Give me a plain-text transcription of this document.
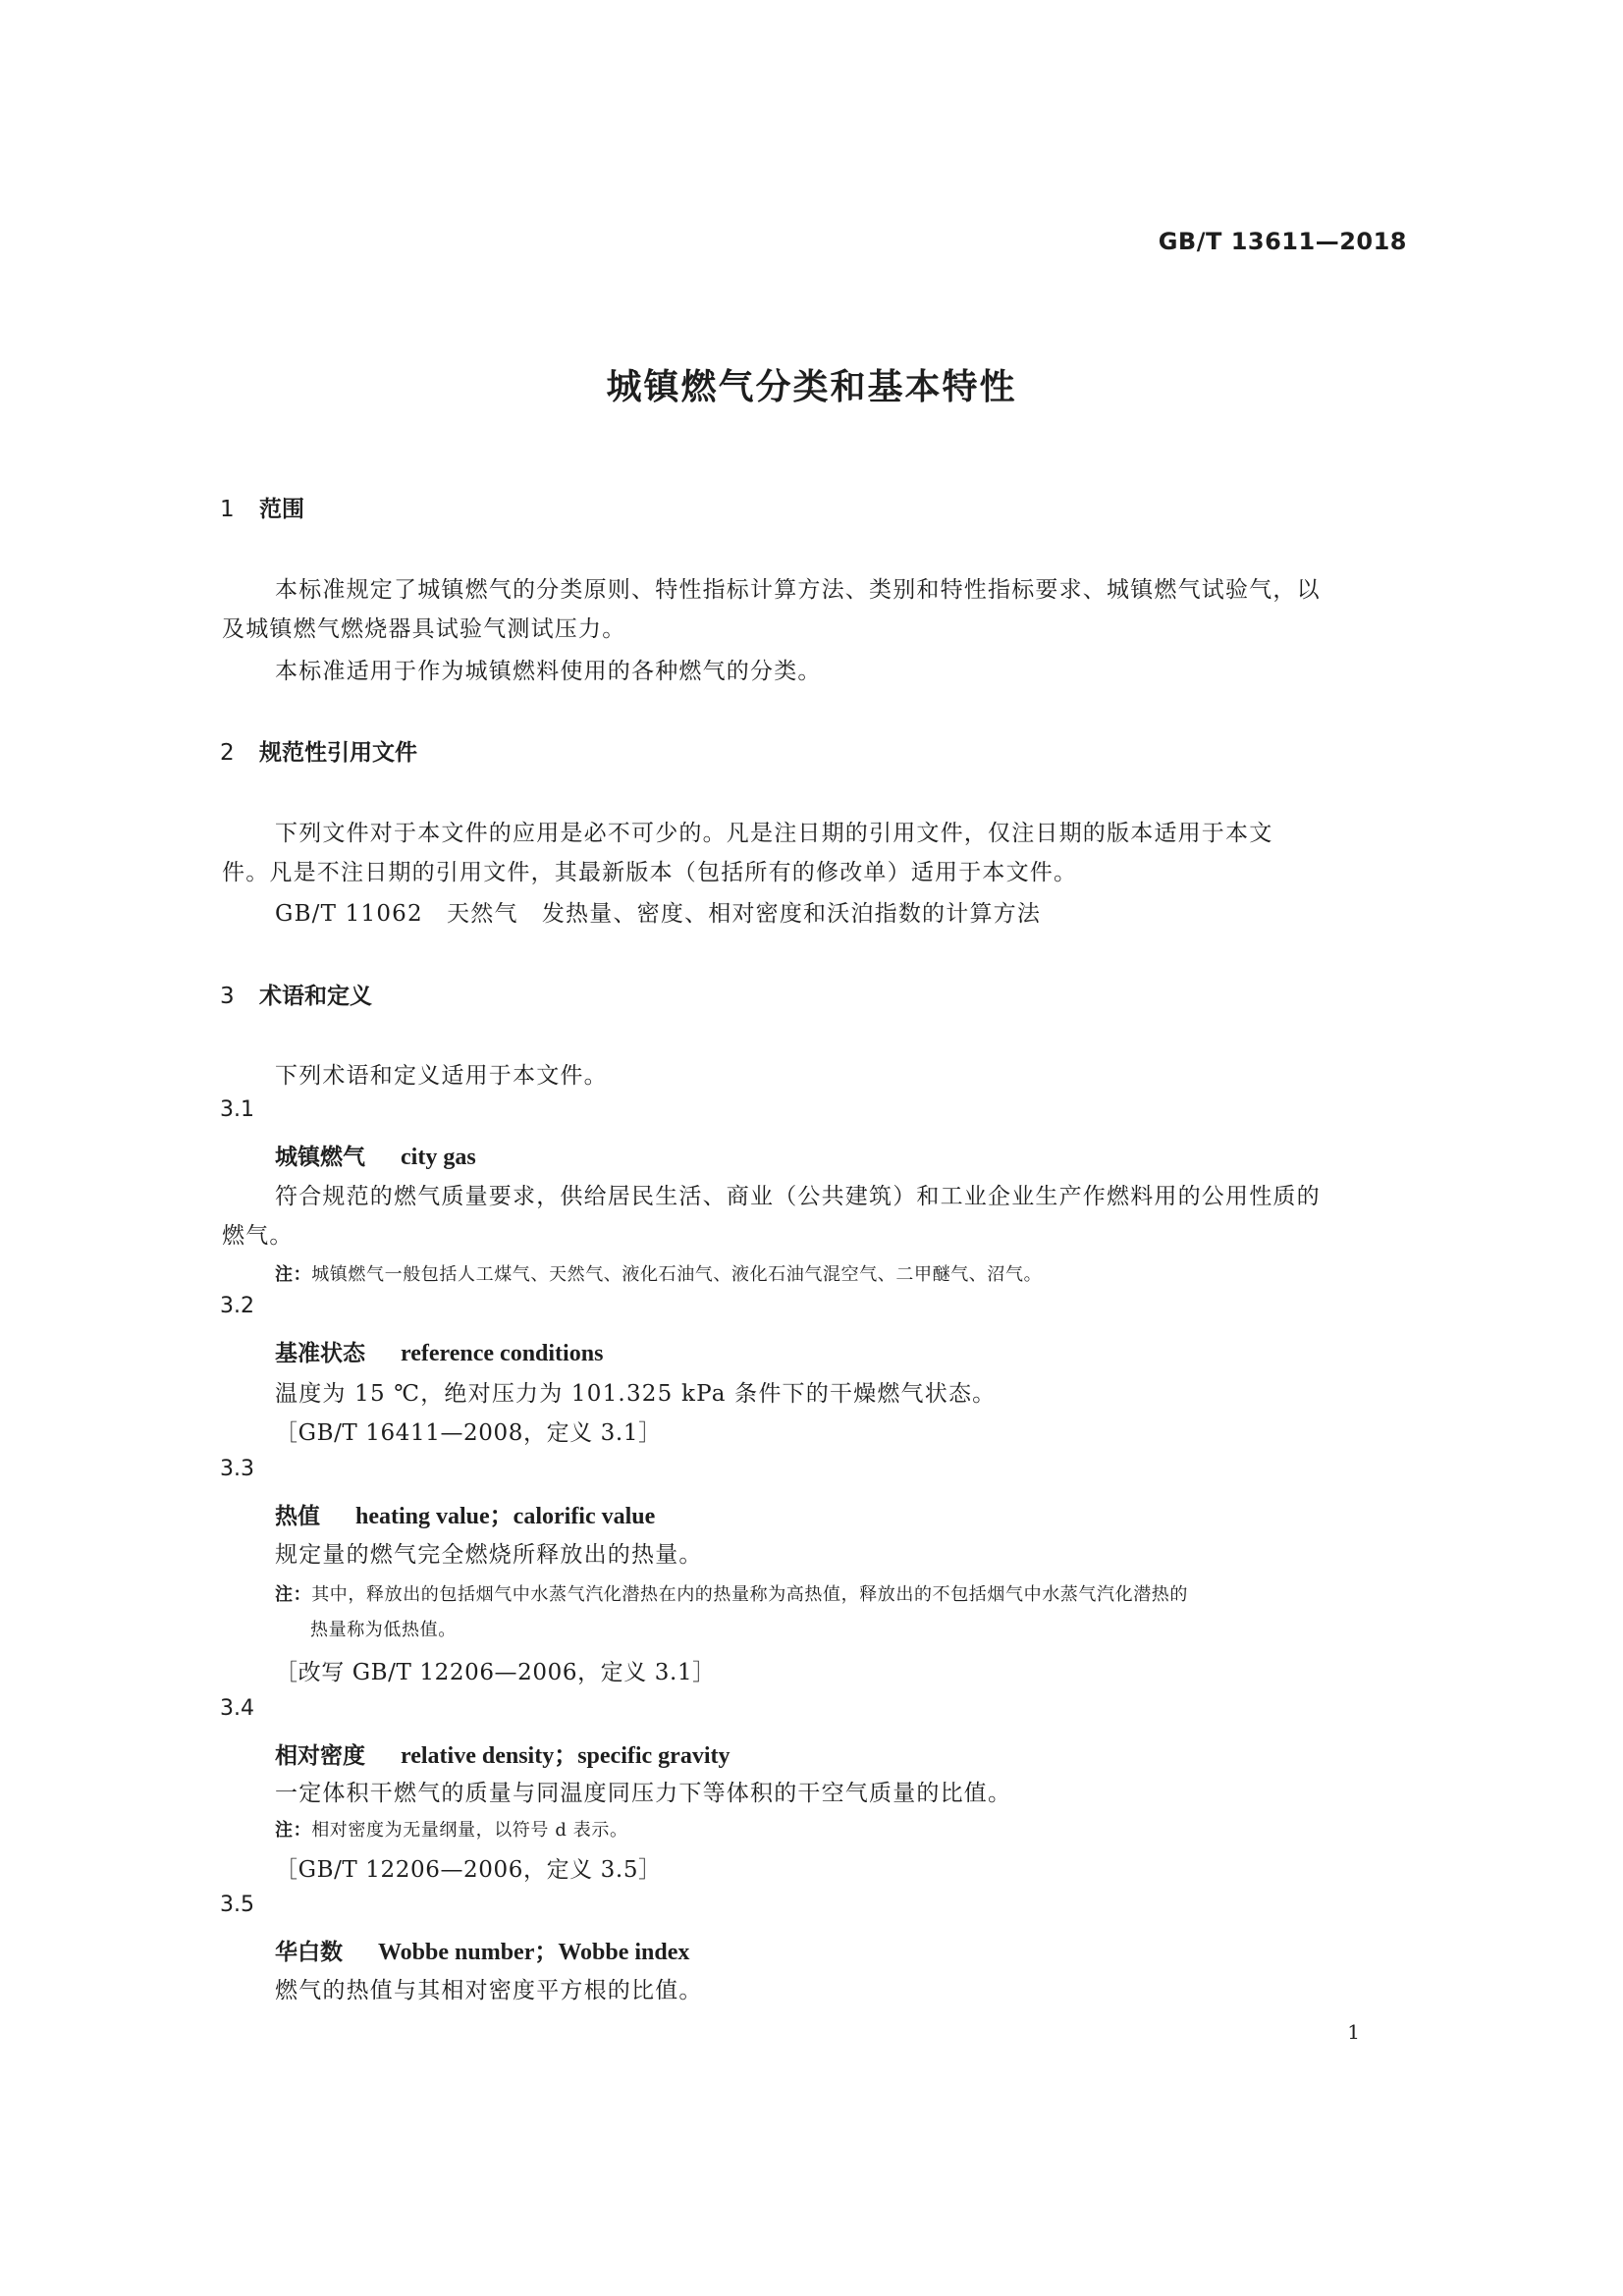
GB/T 13611—2018
城镇燃气分类和基本特性
1 范围
本标准规定了城镇燃气的分类原则、特性指标计算方法、类别和特性指标要求、城镇燃气试验气，以
及城镇燃气燃烧器具试验气测试压力。
本标准适用于作为城镇燃料使用的各种燃气的分类。
2 规范性引用文件
下列文件对于本文件的应用是必不可少的。凡是注日期的引用文件，仅注日期的版本适用于本文
件。凡是不注日期的引用文件，其最新版本（包括所有的修改单）适用于本文件。
GB/T 11062　天然气　发热量、密度、相对密度和沃泊指数的计算方法
3 术语和定义
下列术语和定义适用于本文件。
3.1
城镇燃气 city gas
符合规范的燃气质量要求，供给居民生活、商业（公共建筑）和工业企业生产作燃料用的公用性质的
燃气。
注：城镇燃气一般包括人工煤气、天然气、液化石油气、液化石油气混空气、二甲醚气、沼气。
3.2
基准状态 reference conditions
温度为 15 ℃，绝对压力为 101.325 kPa 条件下的干燥燃气状态。
［GB/T 16411—2008，定义 3.1］
3.3
热值 heating value；calorific value
规定量的燃气完全燃烧所释放出的热量。
注：其中，释放出的包括烟气中水蒸气汽化潜热在内的热量称为高热值，释放出的不包括烟气中水蒸气汽化潜热的
热量称为低热值。
［改写 GB/T 12206—2006，定义 3.1］
3.4
相对密度 relative density；specific gravity
一定体积干燃气的质量与同温度同压力下等体积的干空气质量的比值。
注：相对密度为无量纲量，以符号 d 表示。
［GB/T 12206—2006，定义 3.5］
3.5
华白数 Wobbe number；Wobbe index
燃气的热值与其相对密度平方根的比值。
1
